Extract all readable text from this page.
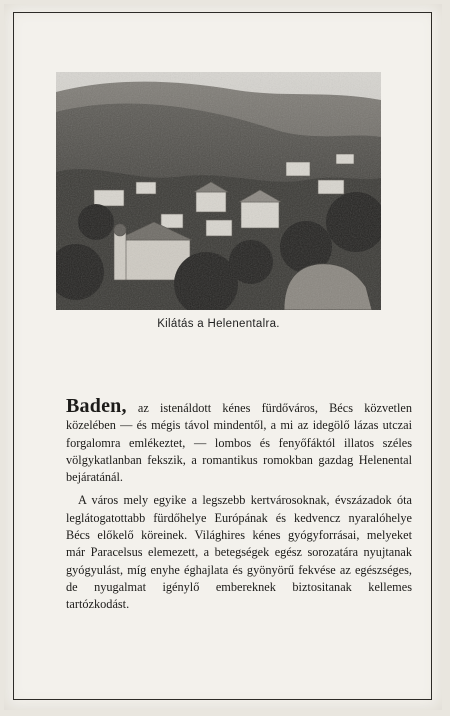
Kilátás a Helenentalra.

Baden, az istenáldott kénes fürdőváros, Bécs közvetlen közelében — és mégis távol mindentől, a mi az idegölő lázas utczai forgalomra emlékeztet, — lombos és fenyőfáktól illatos széles völgykatlanban fekszik, a romantikus romokban gazdag Helenental bejáratánál.

A város mely egyike a legszebb kertvárosoknak, évszázadok óta leglátogatottabb fürdőhelye Európának és kedvencz nyaralóhelye Bécs előkelő köreinek. Világhires kénes gyógyforrásai, melyeket már Paracelsus elemezett, a betegségek egész sorozatára nyujtanak gyógyulást, míg enyhe éghajlata és gyönyörű fekvése az egészséges, de nyugalmat igénylő embereknek biztositanak kellemes tartózkodást.
